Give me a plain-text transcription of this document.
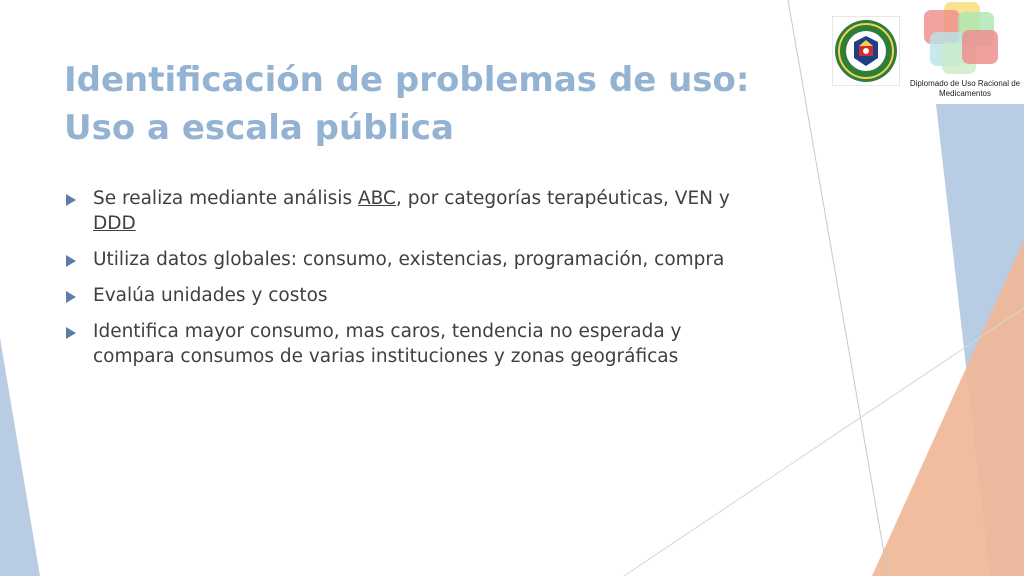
Identificación de problemas de uso:
Uso a escala pública
Se realiza mediante análisis ABC, por categorías terapéuticas, VEN y DDD
Utiliza datos globales: consumo, existencias, programación, compra
Evalúa unidades y costos
Identifica mayor consumo, mas caros, tendencia no esperada y compara consumos de varias instituciones y zonas geográficas

Diplomado de Uso Racional de Medicamentos
